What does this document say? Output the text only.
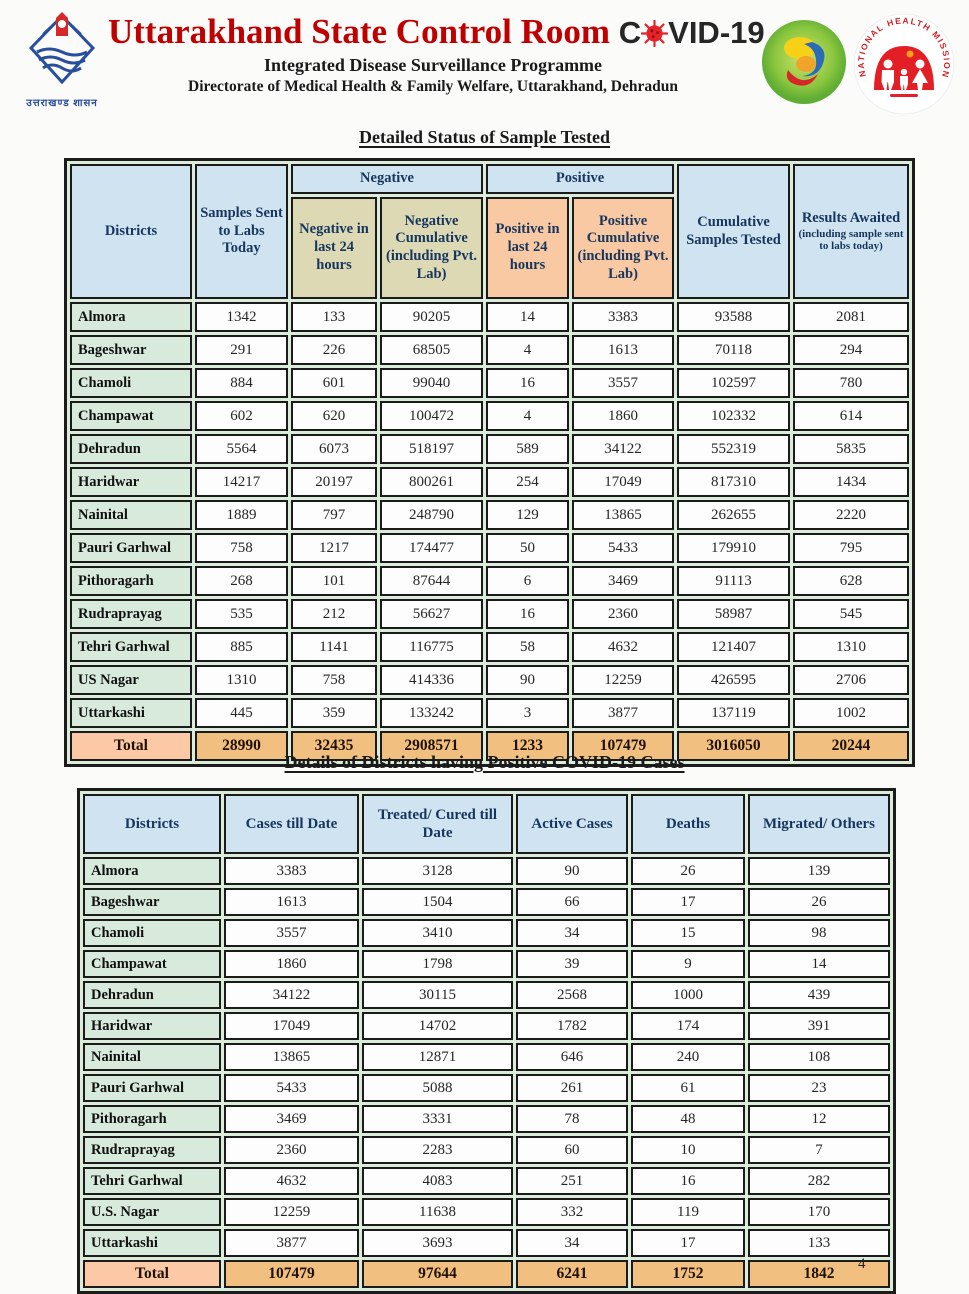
उत्तराखण्ड शासन
Uttarakhand State Control Room C VID-19
Integrated Disease Surveillance Programme
Directorate of Medical Health & Family Welfare, Uttarakhand, Dehradun
NATIONAL HEALTH MISSION
Detailed Status of Sample Tested
Districts	Samples Sent to Labs Today	Negative		Positive		Cumulative Samples Tested	Results Awaited
(including sample sent to labs today)

		Negative in last 24 hours	Negative Cumulative (including Pvt. Lab)	Positive in last 24 hours	Positive Cumulative (including Pvt. Lab)		
Almora	1342	133	90205	14	3383	93588	2081
Bageshwar	291	226	68505	4	1613	70118	294
Chamoli	884	601	99040	16	3557	102597	780
Champawat	602	620	100472	4	1860	102332	614
Dehradun	5564	6073	518197	589	34122	552319	5835
Haridwar	14217	20197	800261	254	17049	817310	1434
Nainital	1889	797	248790	129	13865	262655	2220
Pauri Garhwal	758	1217	174477	50	5433	179910	795
Pithoragarh	268	101	87644	6	3469	91113	628
Rudraprayag	535	212	56627	16	2360	58987	545
Tehri Garhwal	885	1141	116775	58	4632	121407	1310
US Nagar	1310	758	414336	90	12259	426595	2706
Uttarkashi	445	359	133242	3	3877	137119	1002
Total	28990	32435	2908571	1233	107479	3016050	20244
Details of Districts having Positive COVID-19 Cases
Districts	Cases till Date	Treated/ Cured till Date	Active Cases	Deaths	Migrated/ Others
Almora	3383	3128	90	26	139
Bageshwar	1613	1504	66	17	26
Chamoli	3557	3410	34	15	98
Champawat	1860	1798	39	9	14
Dehradun	34122	30115	2568	1000	439
Haridwar	17049	14702	1782	174	391
Nainital	13865	12871	646	240	108
Pauri Garhwal	5433	5088	261	61	23
Pithoragarh	3469	3331	78	48	12
Rudraprayag	2360	2283	60	10	7
Tehri Garhwal	4632	4083	251	16	282
U.S. Nagar	12259	11638	332	119	170
Uttarkashi	3877	3693	34	17	133
Total	107479	97644	6241	1752	1842
4
